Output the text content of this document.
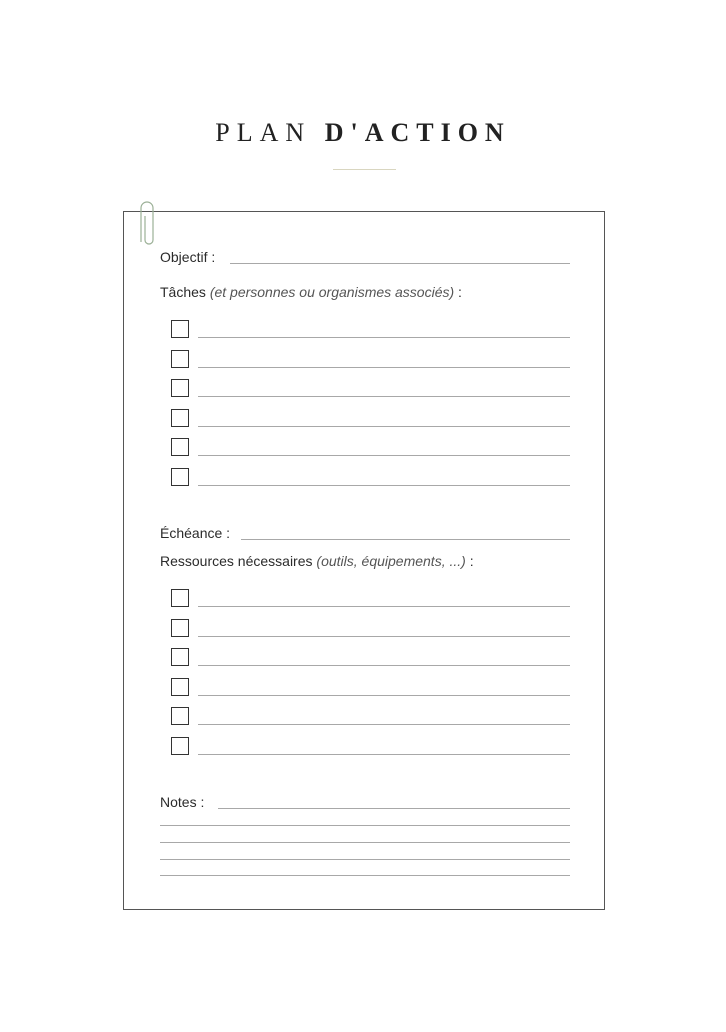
PLAN D'ACTION
Objectif :
Tâches (et personnes ou organismes associés) :
Échéance :
Ressources nécessaires (outils, équipements, ...) :
Notes :
